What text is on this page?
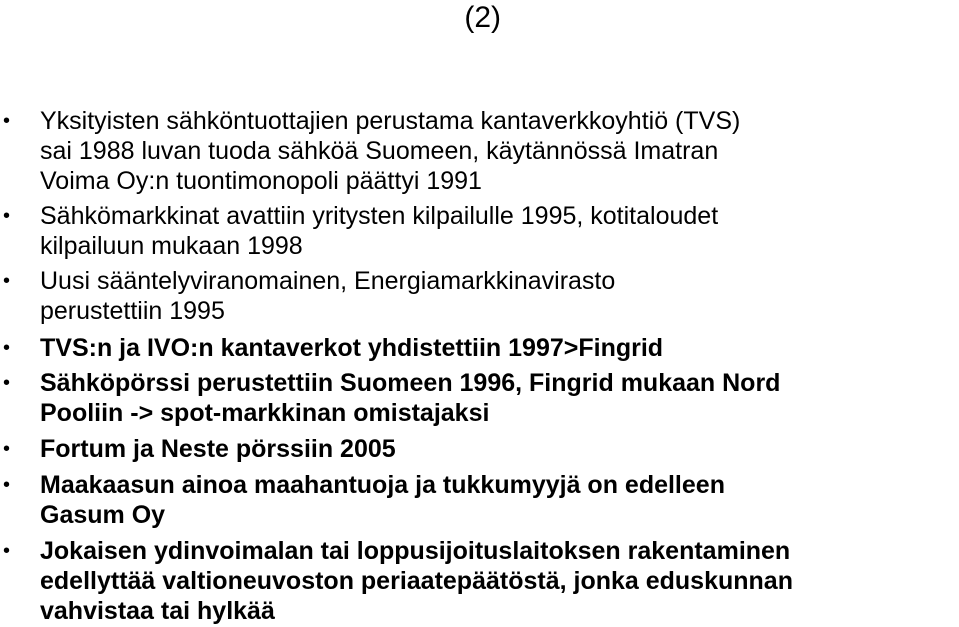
(2)
• Yksityisten sähköntuottajien perustama kantaverkkoyhtiö (TVS)
sai 1988 luvan tuoda sähköä Suomeen, käytännössä Imatran
Voima Oy:n tuontimonopoli päättyi 1991
• Sähkömarkkinat avattiin yritysten kilpailulle 1995, kotitaloudet
kilpailuun mukaan 1998
• Uusi sääntelyviranomainen, Energiamarkkinavirasto
perustettiin 1995
• TVS:n ja IVO:n kantaverkot yhdistettiin 1997>Fingrid
• Sähköpörssi perustettiin Suomeen 1996, Fingrid mukaan Nord
Pooliin -> spot-markkinan omistajaksi
• Fortum ja Neste pörssiin 2005
• Maakaasun ainoa maahantuoja ja tukkumyyjä on edelleen
Gasum Oy
• Jokaisen ydinvoimalan tai loppusijoituslaitoksen rakentaminen
edellyttää valtioneuvoston periaatepäätöstä, jonka eduskunnan
vahvistaa tai hylkää
